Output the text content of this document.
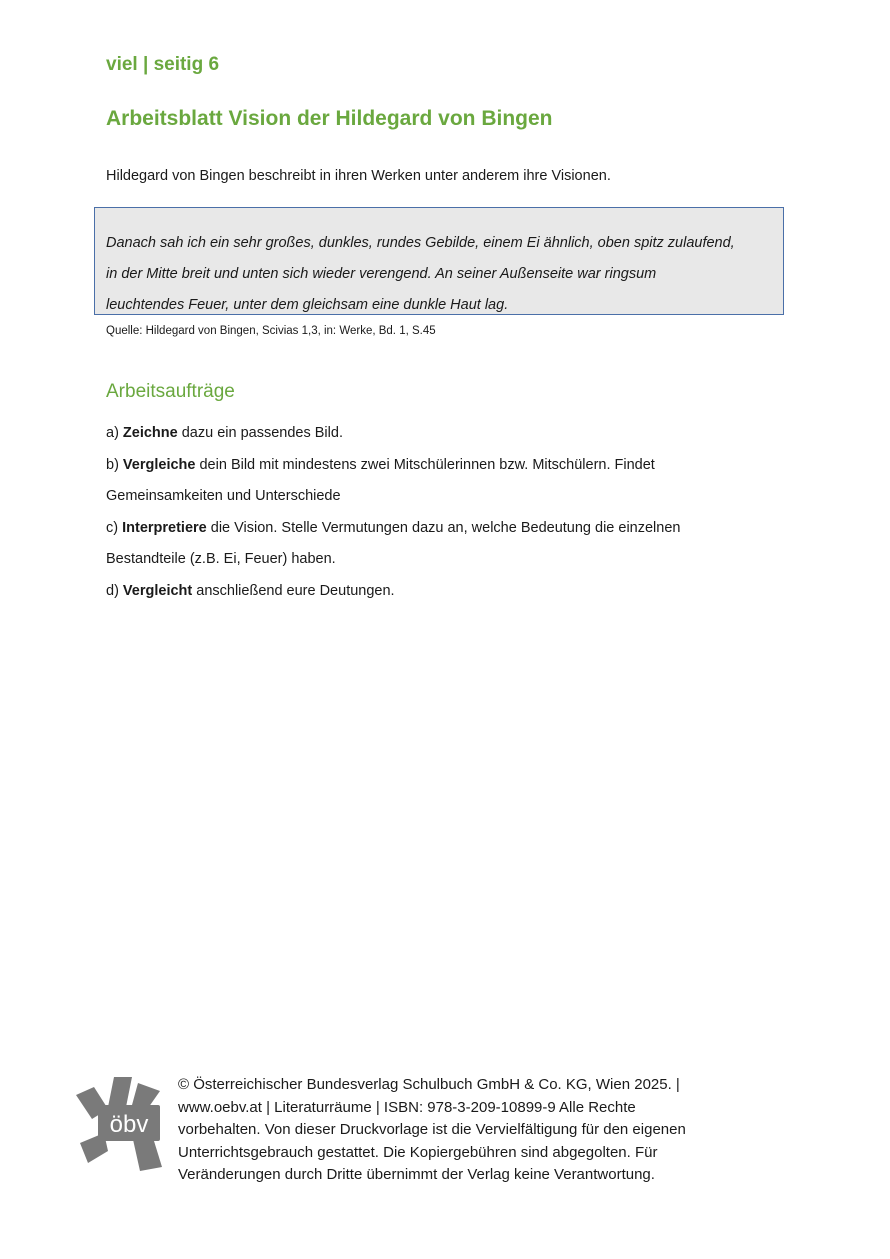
viel | seitig 6
Arbeitsblatt Vision der Hildegard von Bingen
Hildegard von Bingen beschreibt in ihren Werken unter anderem ihre Visionen.
Danach sah ich ein sehr großes, dunkles, rundes Gebilde, einem Ei ähnlich, oben spitz zulaufend,
in der Mitte breit und unten sich wieder verengend. An seiner Außenseite war ringsum
leuchtendes Feuer, unter dem gleichsam eine dunkle Haut lag.
Quelle: Hildegard von Bingen, Scivias 1,3, in: Werke, Bd. 1, S.45
Arbeitsaufträge
a) Zeichne dazu ein passendes Bild.
b) Vergleiche dein Bild mit mindestens zwei Mitschülerinnen bzw. Mitschülern. Findet
Gemeinsamkeiten und Unterschiede
c) Interpretiere die Vision. Stelle Vermutungen dazu an, welche Bedeutung die einzelnen
Bestandteile (z.B. Ei, Feuer) haben.
d) Vergleicht anschließend eure Deutungen.
öbv
© Österreichischer Bundesverlag Schulbuch GmbH & Co. KG, Wien 2025. |
www.oebv.at | Literaturräume | ISBN: 978-3-209-10899-9 Alle Rechte
vorbehalten. Von dieser Druckvorlage ist die Vervielfältigung für den eigenen
Unterrichtsgebrauch gestattet. Die Kopiergebühren sind abgegolten. Für
Veränderungen durch Dritte übernimmt der Verlag keine Verantwortung.
